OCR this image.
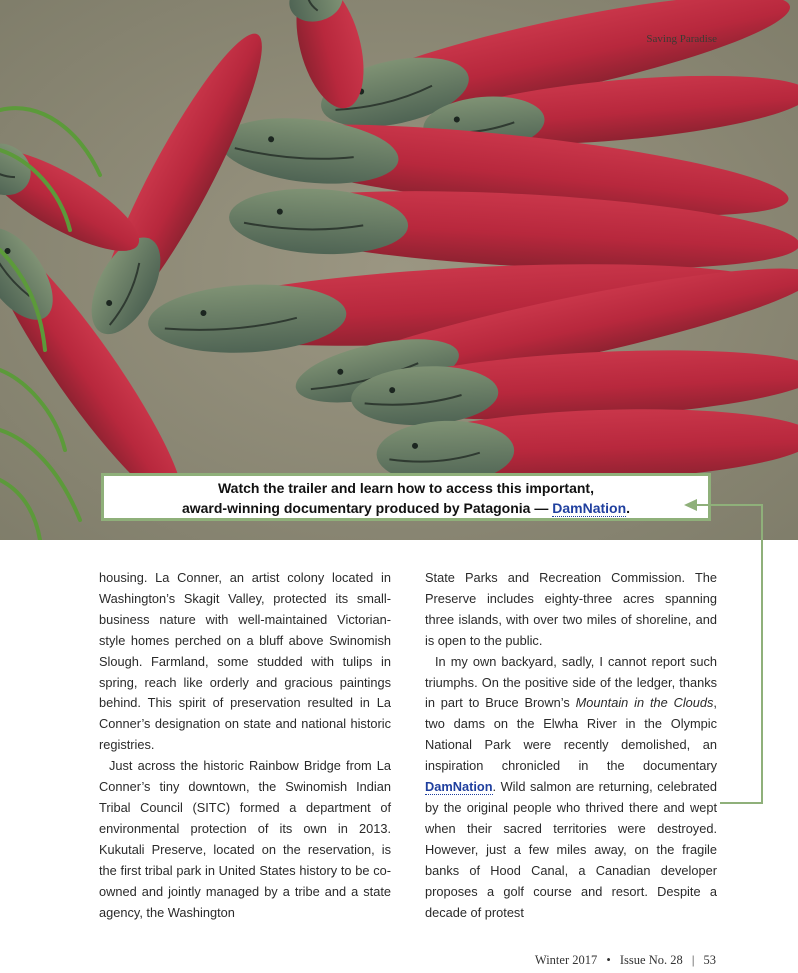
Saving Paradise
Watch the trailer and learn how to access this important,
award-winning documentary produced by Patagonia — DamNation.

housing. La Conner, an artist colony located in Washington’s Skagit Valley, protected its small-business nature with well-maintained Victorian-style homes perched on a bluff above Swinomish Slough. Farmland, some studded with tulips in spring, reach like orderly and gracious paintings behind. This spirit of preservation resulted in La Conner’s designation on state and national historic registries.

Just across the historic Rainbow Bridge from La Conner’s tiny downtown, the Swinomish Indian Tribal Council (SITC) formed a department of environmental protection of its own in 2013. Kukutali Preserve, located on the reservation, is the first tribal park in United States history to be co-owned and jointly managed by a tribe and a state agency, the Washington

State Parks and Recreation Commission. The Preserve includes eighty-three acres spanning three islands, with over two miles of shoreline, and is open to the public.

In my own backyard, sadly, I cannot report such triumphs. On the positive side of the ledger, thanks in part to Bruce Brown’s Mountain in the Clouds, two dams on the Elwha River in the Olympic National Park were recently demolished, an inspiration chronicled in the documentary DamNation. Wild salmon are returning, celebrated by the original people who thrived there and wept when their sacred territories were destroyed. However, just a few miles away, on the fragile banks of Hood Canal, a Canadian developer proposes a golf course and resort. Despite a decade of protest

Winter 2017 • Issue No. 28 | 53
